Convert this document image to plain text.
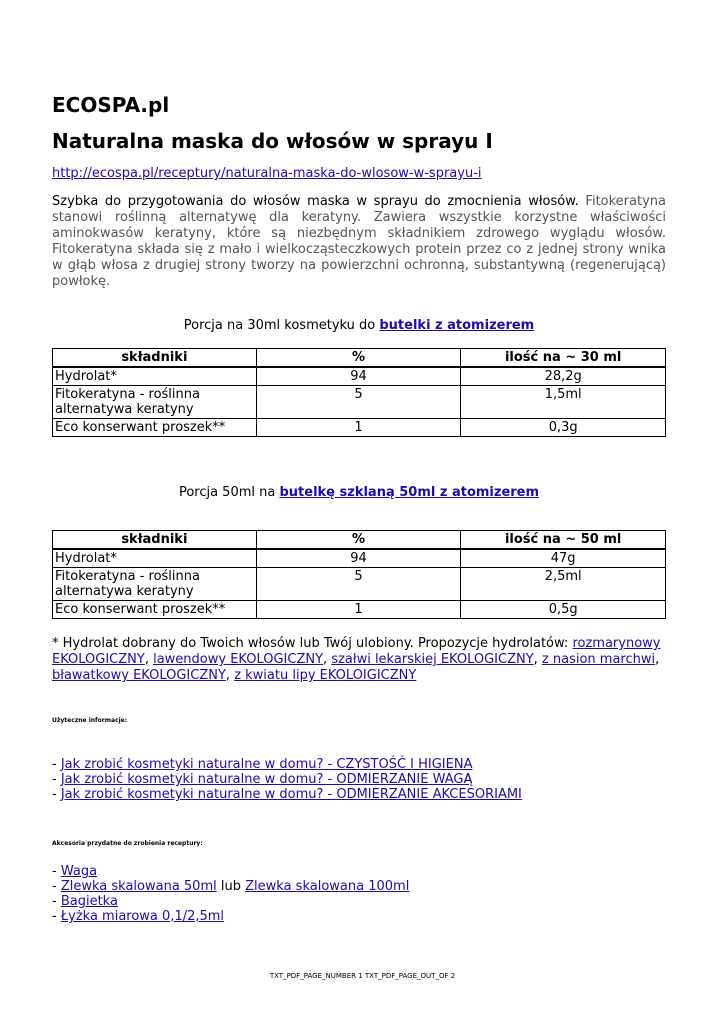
ECOSPA.pl
Naturalna maska do włosów w sprayu I
http://ecospa.pl/receptury/naturalna-maska-do-wlosow-w-sprayu-i
Szybka do przygotowania do włosów maska w sprayu do zmocnienia włosów. Fitokeratyna stanowi roślinną alternatywę dla keratyny. Zawiera wszystkie korzystne właściwości aminokwasów keratyny, które są niezbędnym składnikiem zdrowego wyglądu włosów. Fitokeratyna składa się z mało i wielkocząsteczkowych protein przez co z jednej strony wnika w głąb włosa z drugiej strony tworzy na powierzchni ochronną, substantywną (regenerującą) powłokę.
Porcja na 30ml kosmetyku do butelki z atomizerem
składniki	%	ilość na ~ 30 ml
Hydrolat*	94	28,2g
Fitokeratyna - roślinna alternatywa keratyny	5	1,5ml
Eco konserwant proszek**	1	0,3g
Porcja 50ml na butelkę szklaną 50ml z atomizerem
składniki	%	ilość na ~ 50 ml
Hydrolat*	94	47g
Fitokeratyna - roślinna alternatywa keratyny	5	2,5ml
Eco konserwant proszek**	1	0,5g
* Hydrolat dobrany do Twoich włosów lub Twój ulobiony. Propozycje hydrolatów: rozmarynowy EKOLOGICZNY, lawendowy EKOLOGICZNY, szałwi lekarskiej EKOLOGICZNY, z nasion marchwi, bławatkowy EKOLOGICZNY, z kwiatu lipy EKOLOIGICZNY
Użyteczne informacje:
- Jak zrobić kosmetyki naturalne w domu? - CZYSTOŚĆ I HIGIENA
- Jak zrobić kosmetyki naturalne w domu? - ODMIERZANIE WAGĄ
- Jak zrobić kosmetyki naturalne w domu? - ODMIERZANIE AKCESORIAMI
Akcesoria przydatne do zrobienia receptury:
- Waga
- Zlewka skalowana 50ml lub Zlewka skalowana 100ml
- Bagietka
- Łyżka miarowa 0,1/2,5ml
TXT_PDF_PAGE_NUMBER 1 TXT_PDF_PAGE_OUT_OF 2
